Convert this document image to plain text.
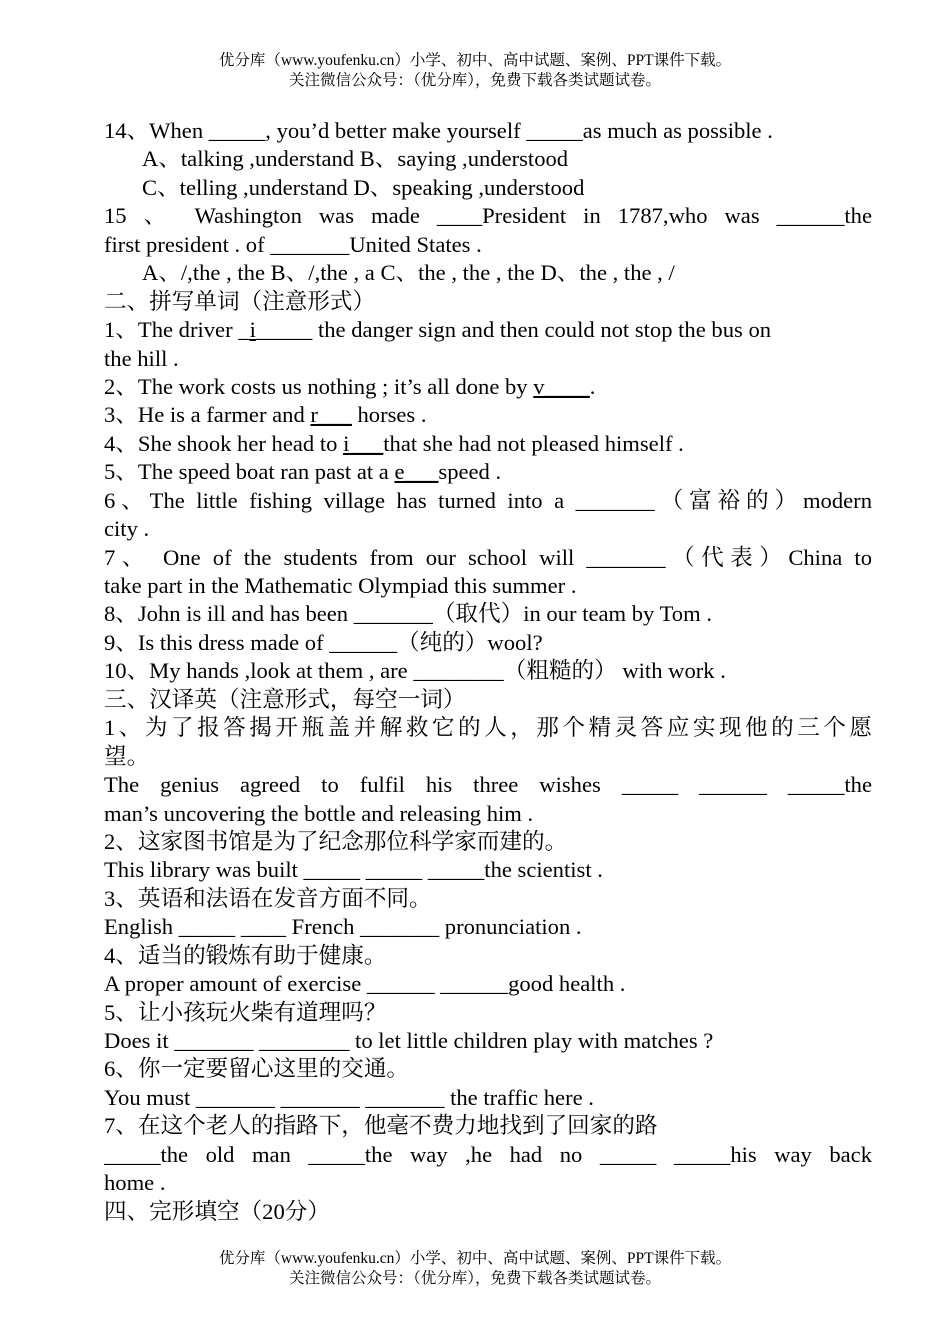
优分库（www.youfenku.cn）小学、初中、高中试题、案例、PPT课件下载。
关注微信公众号：（优分库），免费下载各类试题试卷。
14、When _____, you’d better make yourself _____as much as possible .
A、talking ,understand B、saying ,understood
C、telling ,understand D、speaking ,understood
15 、 Washington was made ____President in 1787,who was ______the
first president . of _______United States .
A、/,the , the B、/,the , a C、the , the , the D、the , the , /
二、拼写单词（注意形式）
1、The driver _i_____ the danger sign and then could not stop the bus on
the hill .
2、The work costs us nothing ; it’s all done by v____.
3、He is a farmer and r___ horses .
4、She shook her head to i___that she had not pleased himself .
5、The speed boat ran past at a e___speed .
6、The little fishing village has turned into a _______（富裕的）modern
city .
7、 One of the students from our school will _______（代表）China to
take part in the Mathematic Olympiad this summer .
8、John is ill and has been _______（取代）in our team by Tom .
9、Is this dress made of ______（纯的）wool?
10、My hands ,look at them , are ________（粗糙的） with work .
三、汉译英（注意形式，每空一词）
1、为了报答揭开瓶盖并解救它的人，那个精灵答应实现他的三个愿
望。
The genius agreed to fulfil his three wishes _____ ______ _____the
man’s uncovering the bottle and releasing him .
2、这家图书馆是为了纪念那位科学家而建的。
This library was built _____ _____ _____the scientist .
3、英语和法语在发音方面不同。
English _____ ____ French _______ pronunciation .
4、适当的锻炼有助于健康。
A proper amount of exercise ______ ______good health .
5、让小孩玩火柴有道理吗？
Does it _______ ________ to let little children play with matches ?
6、你一定要留心这里的交通。
You must _______ _______ _______ the traffic here .
7、在这个老人的指路下，他毫不费力地找到了回家的路
_____the old man _____the way ,he had no _____ _____his way back
home .
四、完形填空（20分）
优分库（www.youfenku.cn）小学、初中、高中试题、案例、PPT课件下载。
关注微信公众号：（优分库），免费下载各类试题试卷。
